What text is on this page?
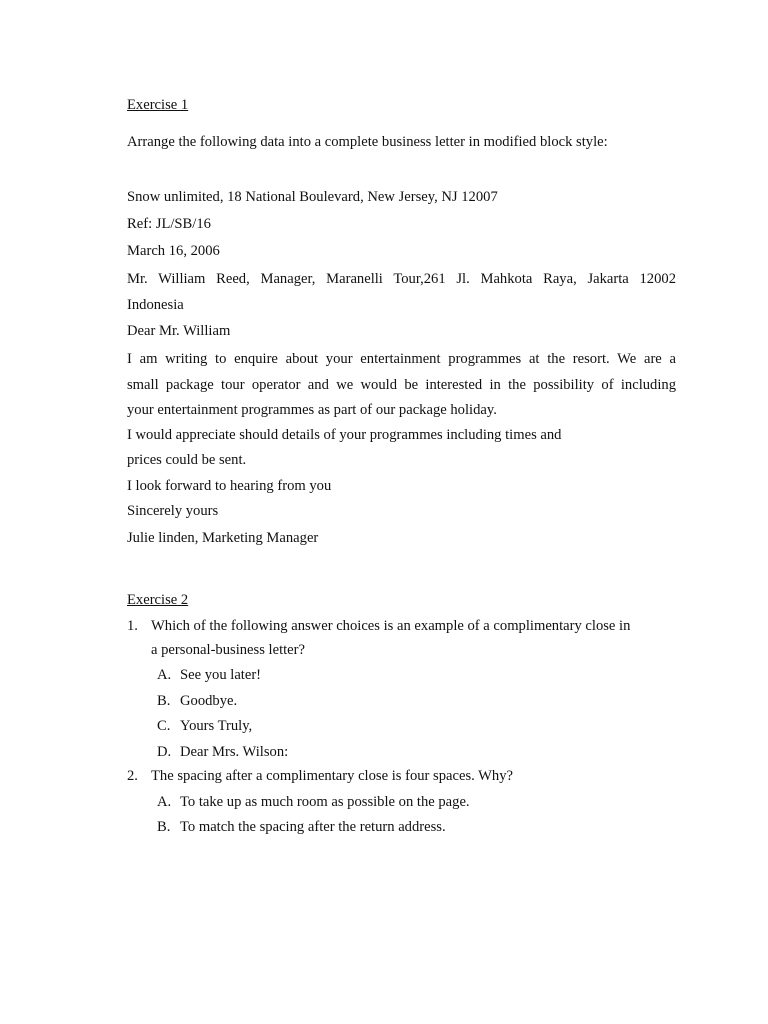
Exercise 1
Arrange the following data into a complete business letter in modified block style:
Snow unlimited, 18 National Boulevard, New Jersey, NJ 12007
Ref: JL/SB/16
March 16, 2006
Mr. William Reed, Manager, Maranelli Tour,261 Jl. Mahkota Raya, Jakarta 12002
Indonesia
Dear Mr. William
I am writing to enquire about your entertainment programmes at the resort. We are a
small package tour operator and we would be interested in the possibility of including
your entertainment programmes as part of our package holiday.
I would appreciate should details of your programmes including times and
prices could be sent.
I look forward to hearing from you
Sincerely yours
Julie linden, Marketing Manager
Exercise 2
1. Which of the following answer choices is an example of a complimentary close in
a personal-business letter?
A. See you later!
B. Goodbye.
C. Yours Truly,
D. Dear Mrs. Wilson:
2. The spacing after a complimentary close is four spaces. Why?
A. To take up as much room as possible on the page.
B. To match the spacing after the return address.
